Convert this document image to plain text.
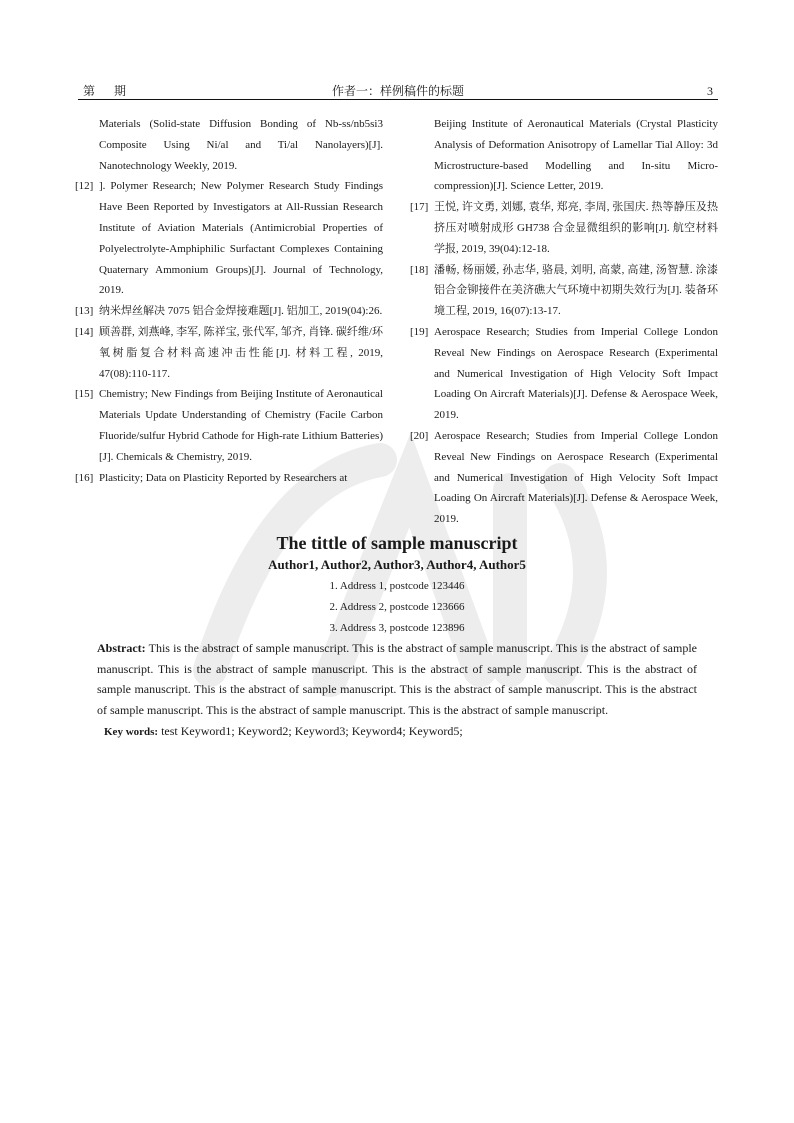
第 期	作者一：样例稿件的标题	3
Materials (Solid-state Diffusion Bonding of Nb-ss/nb5si3 Composite Using Ni/al and Ti/al Nanolayers)[J]. Nanotechnology Weekly, 2019.
[12] ]. Polymer Research; New Polymer Research Study Findings Have Been Reported by Investigators at All-Russian Research Institute of Aviation Materials (Antimicrobial Properties of Polyelectrolyte-Amphiphilic Surfactant Complexes Containing Quaternary Ammonium Groups)[J]. Journal of Technology, 2019.
[13] 纳米焊丝解决 7075 铝合金焊接难题[J]. 铝加工, 2019(04):26.
[14] 顾善群, 刘燕峰, 李军, 陈祥宝, 张代军, 邹齐, 肖锋. 碳纤维/环氧树脂复合材料高速冲击性能[J]. 材料工程, 2019, 47(08):110-117.
[15] Chemistry; New Findings from Beijing Institute of Aeronautical Materials Update Understanding of Chemistry (Facile Carbon Fluoride/sulfur Hybrid Cathode for High-rate Lithium Batteries)[J]. Chemicals & Chemistry, 2019.
[16] Plasticity; Data on Plasticity Reported by Researchers at
Beijing Institute of Aeronautical Materials (Crystal Plasticity Analysis of Deformation Anisotropy of Lamellar Tial Alloy: 3d Microstructure-based Modelling and In-situ Micro-compression)[J]. Science Letter, 2019.
[17] 王悦, 许文勇, 刘娜, 袁华, 郑亮, 李周, 张国庆. 热等静压及热挤压对喷射成形 GH738 合金显微组织的影响[J]. 航空材料学报, 2019, 39(04):12-18.
[18] 潘畅, 杨丽媛, 孙志华, 骆晨, 刘明, 高蒙, 高建, 汤智慧. 涂漆铝合金铆接件在美济礁大气环境中初期失效行为[J]. 装备环境工程, 2019, 16(07):13-17.
[19] Aerospace Research; Studies from Imperial College London Reveal New Findings on Aerospace Research (Experimental and Numerical Investigation of High Velocity Soft Impact Loading On Aircraft Materials)[J]. Defense & Aerospace Week, 2019.
[20] Aerospace Research; Studies from Imperial College London Reveal New Findings on Aerospace Research (Experimental and Numerical Investigation of High Velocity Soft Impact Loading On Aircraft Materials)[J]. Defense & Aerospace Week, 2019.
The tittle of sample manuscript
Author1, Author2, Author3, Author4, Author5
1. Address 1, postcode 123446
2. Address 2, postcode 123666
3. Address 3, postcode 123896
Abstract: This is the abstract of sample manuscript. This is the abstract of sample manuscript. This is the abstract of sample manuscript. This is the abstract of sample manuscript. This is the abstract of sample manuscript. This is the abstract of sample manuscript. This is the abstract of sample manuscript. This is the abstract of sample manuscript. This is the abstract of sample manuscript. This is the abstract of sample manuscript. This is the abstract of sample manuscript.
Key words: test Keyword1; Keyword2; Keyword3; Keyword4; Keyword5;
